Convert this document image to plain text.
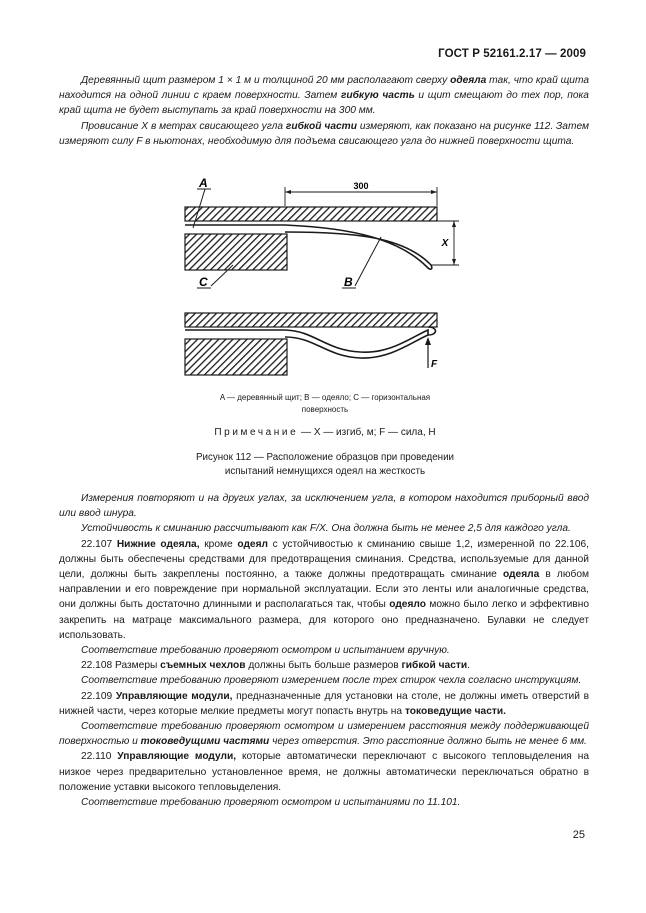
ГОСТ Р 52161.2.17 — 2009

Деревянный щит размером 1 × 1 м и толщиной 20 мм располагают сверху одеяла так, что край щита находится на одной линии с краем поверхности. Затем гибкую часть и щит смещают до тех пор, пока край щита не будет выступать за край поверхности на 300 мм.

Провисание X в метрах свисающего угла гибкой части измеряют, как показано на рисунке 112. Затем измеряют силу F в ньютонах, необходимую для подъема свисающего угла до нижней поверхности щита.

300
X
A
C	B
F
A — деревянный щит; B — одеяло; C — горизонтальная
поверхность
Примечание — X — изгиб, м; F — сила, Н
Рисунок 112 — Расположение образцов при проведении
испытаний немнущихся одеял на жесткость

Измерения повторяют и на других углах, за исключением угла, в котором находится приборный ввод или ввод шнура.

Устойчивость к сминанию рассчитывают как F/X. Она должна быть не менее 2,5 для каждого угла.

22.107 Нижние одеяла, кроме одеял с устойчивостью к сминанию свыше 1,2, измеренной по 22.106, должны быть обеспечены средствами для предотвращения сминания. Средства, используемые для данной цели, должны быть закреплены постоянно, а также должны предотвращать сминание одеяла в любом направлении и его повреждение при нормальной эксплуатации. Если это ленты или аналогичные средства, они должны быть достаточно длинными и располагаться так, чтобы одеяло можно было легко и эффективно закрепить на матраце максимального размера, для которого оно предназначено. Булавки не следует использовать.

Соответствие требованию проверяют осмотром и испытанием вручную.

22.108 Размеры съемных чехлов должны быть больше размеров гибкой части.

Соответствие требованию проверяют измерением после трех стирок чехла согласно инструкциям.

22.109 Управляющие модули, предназначенные для установки на столе, не должны иметь отверстий в нижней части, через которые мелкие предметы могут попасть внутрь на токоведущие части.

Соответствие требованию проверяют осмотром и измерением расстояния между поддерживающей поверхностью и токоведущими частями через отверстия. Это расстояние должно быть не менее 6 мм.

22.110 Управляющие модули, которые автоматически переключают с высокого тепловыделения на низкое через предварительно установленное время, не должны автоматически переключаться обратно в положение уставки высокого тепловыделения.

Соответствие требованию проверяют осмотром и испытаниями по 11.101.

25
